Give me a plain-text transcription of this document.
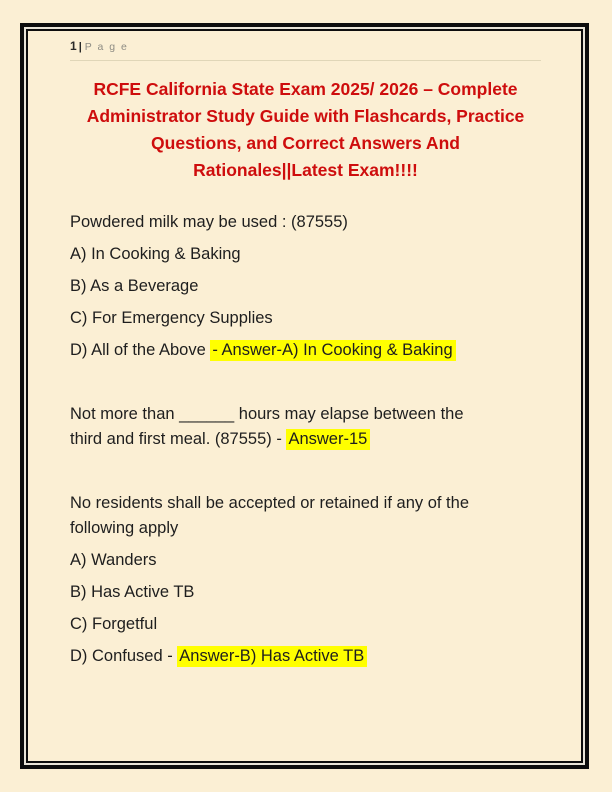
1 | P a g e
RCFE California State Exam 2025/ 2026 – Complete
Administrator Study Guide with Flashcards, Practice
Questions, and Correct Answers And
Rationales||Latest Exam!!!!

Powdered milk may be used : (87555)

A) In Cooking & Baking

B) As a Beverage

C) For Emergency Supplies

D) All of the Above - Answer-A) In Cooking & Baking

Not more than ______ hours may elapse between the
third and first meal. (87555) - Answer-15

No residents shall be accepted or retained if any of the
following apply

A) Wanders

B) Has Active TB

C) Forgetful

D) Confused - Answer-B) Has Active TB
